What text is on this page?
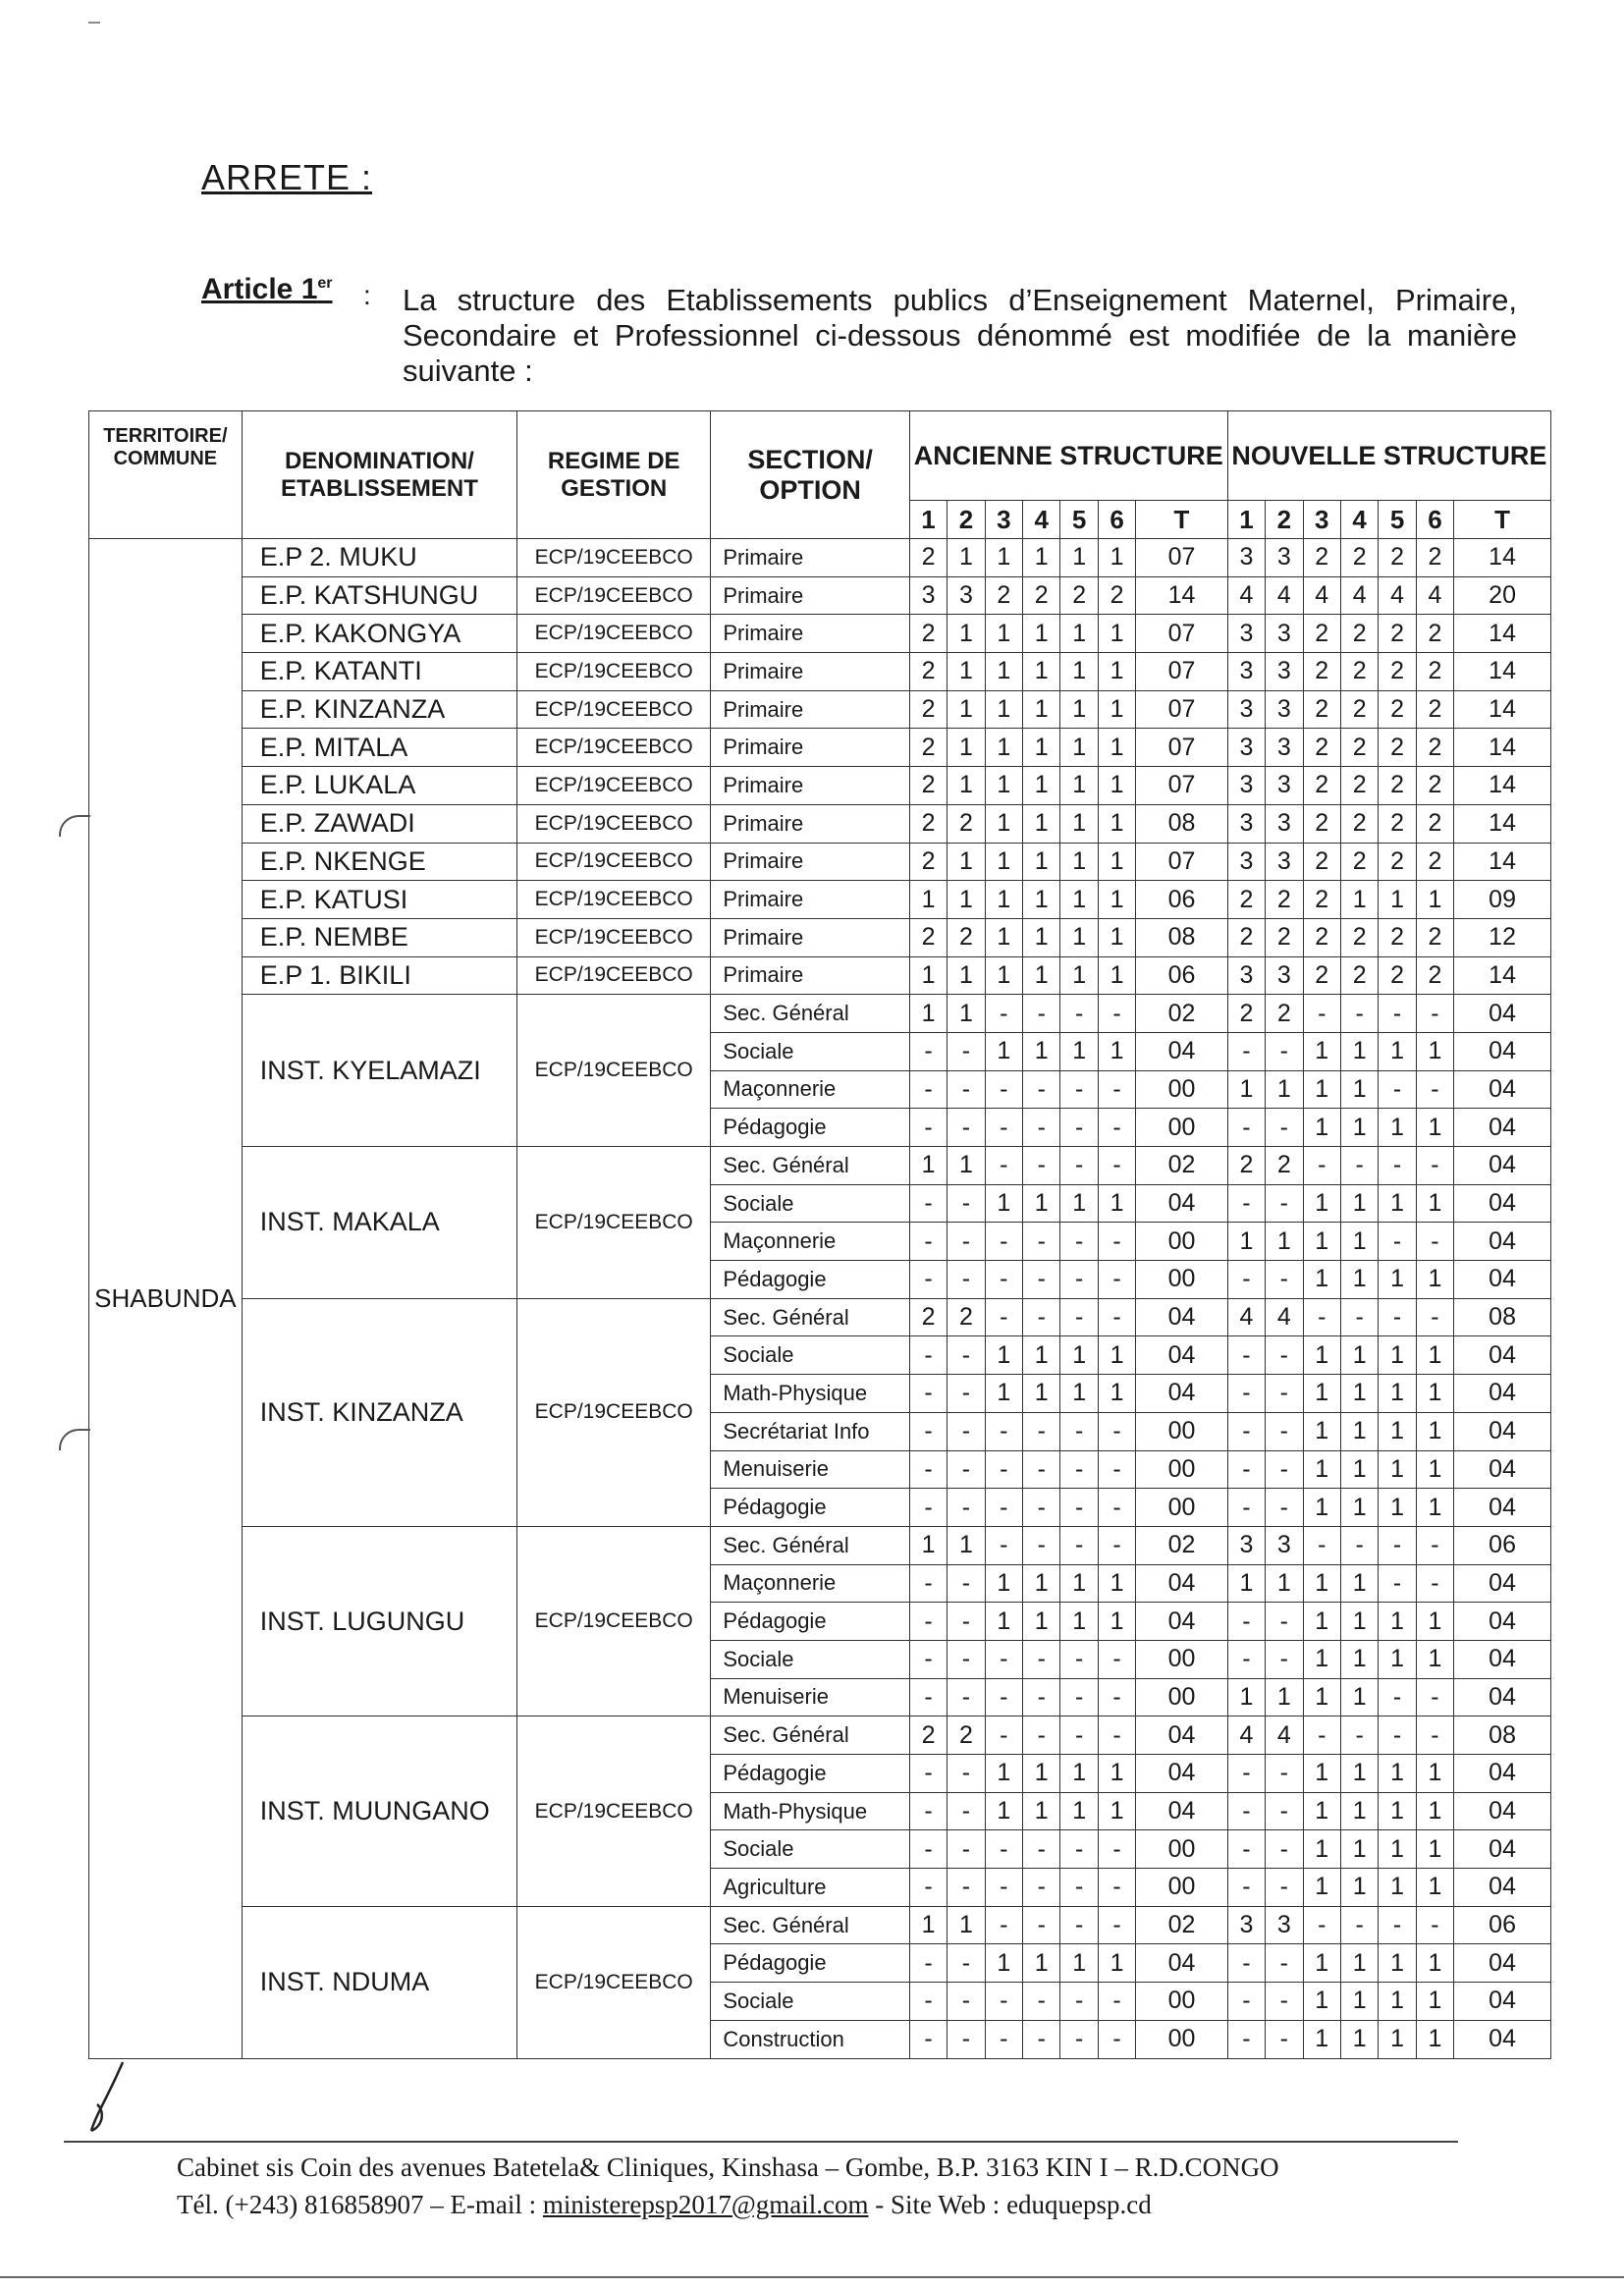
ARRETE :
Article 1er : La structure des Etablissements publics d’Enseignement Maternel, Primaire, Secondaire et Professionnel ci-dessous dénommé est modifiée de la manière suivante :
TERRITOIRE/ COMMUNE	DENOMINATION/ ETABLISSEMENT	REGIME DE GESTION	SECTION/ OPTION	ANCIENNE STRUCTURE							NOUVELLE STRUCTURE						
				1	2	3	4	5	6	T	1	2	3	4	5	6	T
SHABUNDA	E.P 2. MUKU	ECP/19CEEBCO	Primaire	2	1	1	1	1	1	07	3	3	2	2	2	2	14
	E.P. KATSHUNGU	ECP/19CEEBCO	Primaire	3	3	2	2	2	2	14	4	4	4	4	4	4	20
	E.P. KAKONGYA	ECP/19CEEBCO	Primaire	2	1	1	1	1	1	07	3	3	2	2	2	2	14
	E.P. KATANTI	ECP/19CEEBCO	Primaire	2	1	1	1	1	1	07	3	3	2	2	2	2	14
	E.P. KINZANZA	ECP/19CEEBCO	Primaire	2	1	1	1	1	1	07	3	3	2	2	2	2	14
	E.P. MITALA	ECP/19CEEBCO	Primaire	2	1	1	1	1	1	07	3	3	2	2	2	2	14
	E.P. LUKALA	ECP/19CEEBCO	Primaire	2	1	1	1	1	1	07	3	3	2	2	2	2	14
	E.P. ZAWADI	ECP/19CEEBCO	Primaire	2	2	1	1	1	1	08	3	3	2	2	2	2	14
	E.P. NKENGE	ECP/19CEEBCO	Primaire	2	1	1	1	1	1	07	3	3	2	2	2	2	14
	E.P. KATUSI	ECP/19CEEBCO	Primaire	1	1	1	1	1	1	06	2	2	2	1	1	1	09
	E.P. NEMBE	ECP/19CEEBCO	Primaire	2	2	1	1	1	1	08	2	2	2	2	2	2	12
	E.P 1. BIKILI	ECP/19CEEBCO	Primaire	1	1	1	1	1	1	06	3	3	2	2	2	2	14
	INST. KYELAMAZI	ECP/19CEEBCO	Sec. Général	1	1	-	-	-	-	02	2	2	-	-	-	-	04
			Sociale	-	-	1	1	1	1	04	-	-	1	1	1	1	04
			Maçonnerie	-	-	-	-	-	-	00	1	1	1	1	-	-	04
			Pédagogie	-	-	-	-	-	-	00	-	-	1	1	1	1	04
	INST. MAKALA	ECP/19CEEBCO	Sec. Général	1	1	-	-	-	-	02	2	2	-	-	-	-	04
			Sociale	-	-	1	1	1	1	04	-	-	1	1	1	1	04
			Maçonnerie	-	-	-	-	-	-	00	1	1	1	1	-	-	04
			Pédagogie	-	-	-	-	-	-	00	-	-	1	1	1	1	04
	INST. KINZANZA	ECP/19CEEBCO	Sec. Général	2	2	-	-	-	-	04	4	4	-	-	-	-	08
			Sociale	-	-	1	1	1	1	04	-	-	1	1	1	1	04
			Math-Physique	-	-	1	1	1	1	04	-	-	1	1	1	1	04
			Secrétariat Info	-	-	-	-	-	-	00	-	-	1	1	1	1	04
			Menuiserie	-	-	-	-	-	-	00	-	-	1	1	1	1	04
			Pédagogie	-	-	-	-	-	-	00	-	-	1	1	1	1	04
	INST. LUGUNGU	ECP/19CEEBCO	Sec. Général	1	1	-	-	-	-	02	3	3	-	-	-	-	06
			Maçonnerie	-	-	1	1	1	1	04	1	1	1	1	-	-	04
			Pédagogie	-	-	1	1	1	1	04	-	-	1	1	1	1	04
			Sociale	-	-	-	-	-	-	00	-	-	1	1	1	1	04
			Menuiserie	-	-	-	-	-	-	00	1	1	1	1	-	-	04
	INST. MUUNGANO	ECP/19CEEBCO	Sec. Général	2	2	-	-	-	-	04	4	4	-	-	-	-	08
			Pédagogie	-	-	1	1	1	1	04	-	-	1	1	1	1	04
			Math-Physique	-	-	1	1	1	1	04	-	-	1	1	1	1	04
			Sociale	-	-	-	-	-	-	00	-	-	1	1	1	1	04
			Agriculture	-	-	-	-	-	-	00	-	-	1	1	1	1	04
	INST. NDUMA	ECP/19CEEBCO	Sec. Général	1	1	-	-	-	-	02	3	3	-	-	-	-	06
			Pédagogie	-	-	1	1	1	1	04	-	-	1	1	1	1	04
			Sociale	-	-	-	-	-	-	00	-	-	1	1	1	1	04
			Construction	-	-	-	-	-	-	00	-	-	1	1	1	1	04
Cabinet sis Coin des avenues Batetela& Cliniques, Kinshasa – Gombe, B.P. 3163 KIN I – R.D.CONGO
Tél. (+243) 816858907 – E-mail : ministerepsp2017@gmail.com - Site Web : eduquepsp.cd
